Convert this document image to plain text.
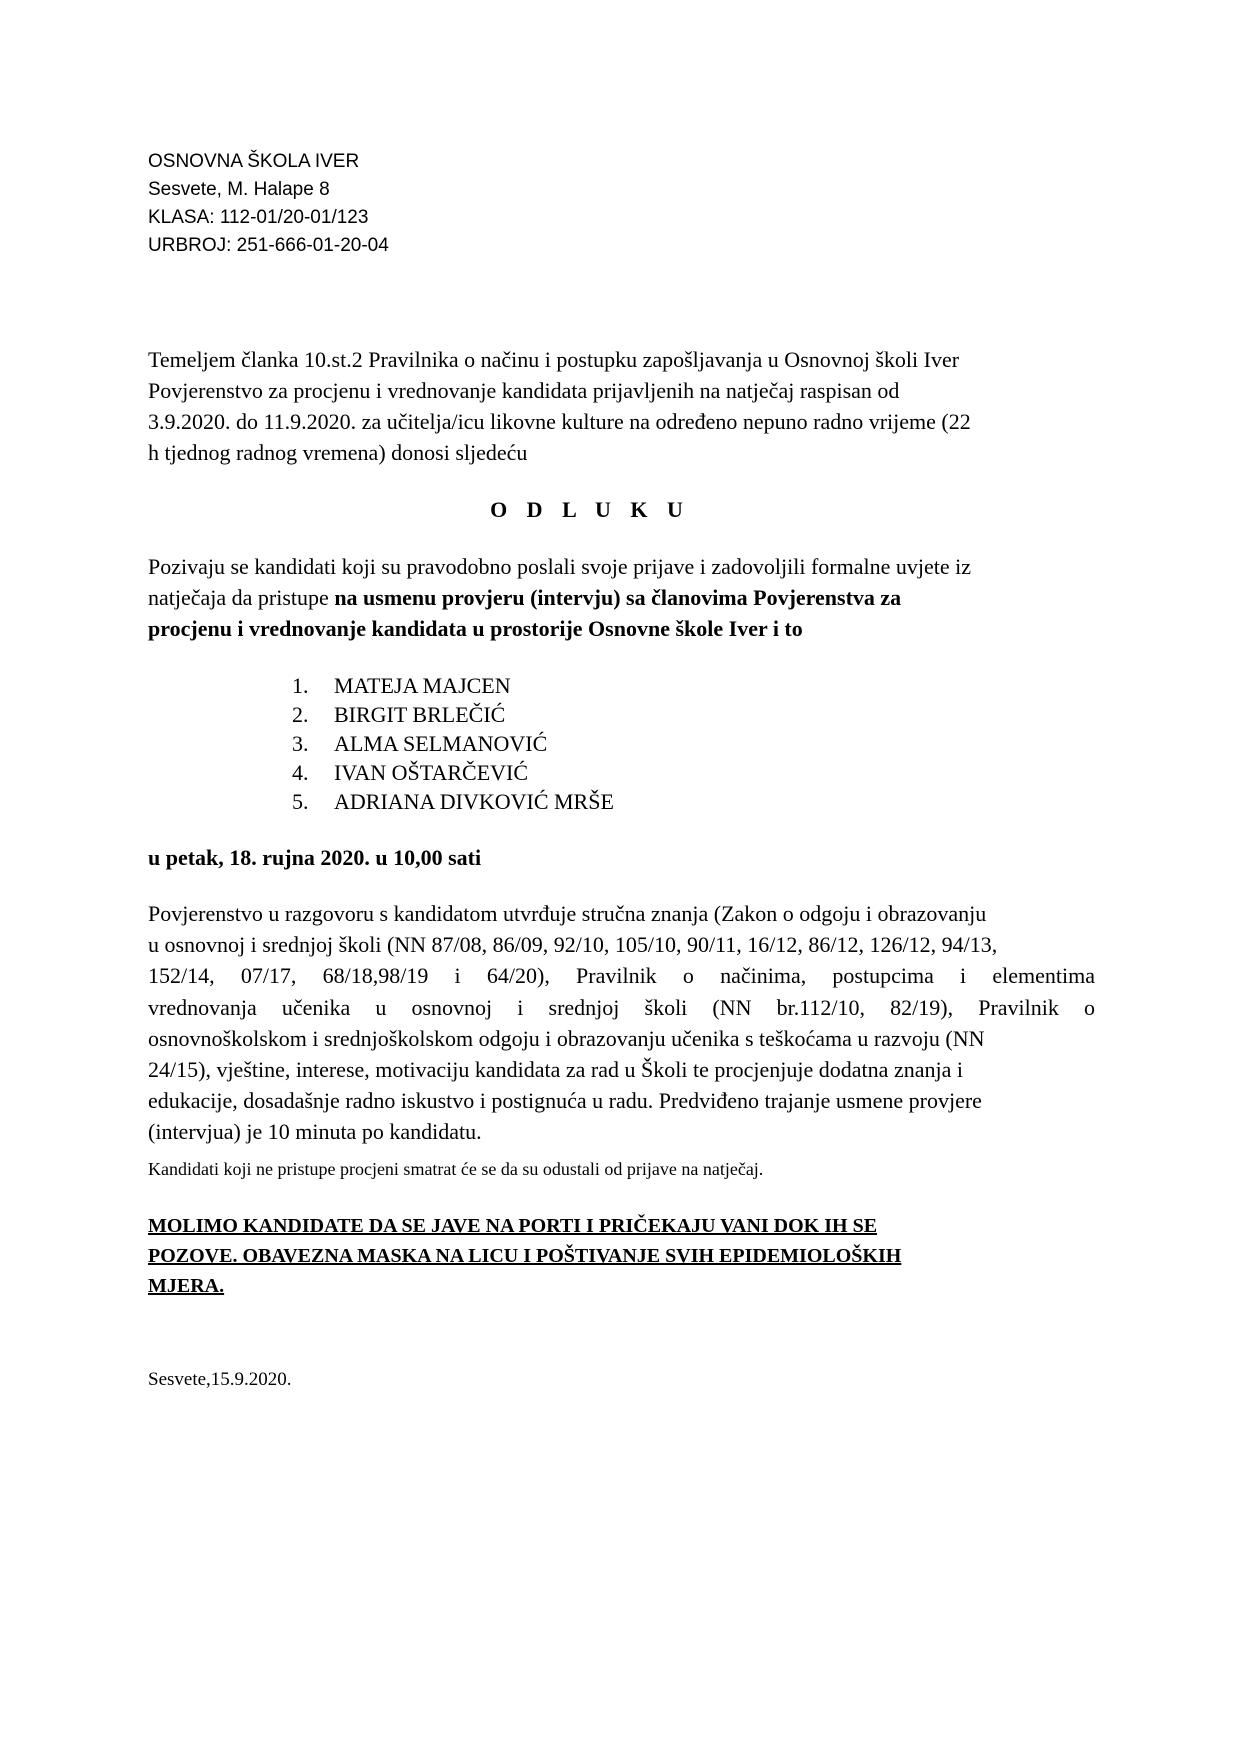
OSNOVNA ŠKOLA IVER
Sesvete, M. Halape 8
KLASA: 112-01/20-01/123
URBROJ: 251-666-01-20-04
Temeljem članka 10.st.2 Pravilnika o načinu i postupku zapošljavanja u Osnovnoj školi Iver
Povjerenstvo za procjenu i vrednovanje kandidata prijavljenih na natječaj raspisan od
3.9.2020. do 11.9.2020. za učitelja/icu likovne kulture na određeno nepuno radno vrijeme (22
h tjednog radnog vremena) donosi sljedeću
O D L U K U
Pozivaju se kandidati koji su pravodobno poslali svoje prijave i zadovoljili formalne uvjete iz
natječaja da pristupe na usmenu provjeru (intervju) sa članovima Povjerenstva za
procjenu i vrednovanje kandidata u prostorije Osnovne škole Iver i to
1. MATEJA MAJCEN
2. BIRGIT BRLEČIĆ
3. ALMA SELMANOVIĆ
4. IVAN OŠTARČEVIĆ
5. ADRIANA DIVKOVIĆ MRŠE
u petak, 18. rujna 2020. u 10,00 sati
Povjerenstvo u razgovoru s kandidatom utvrđuje stručna znanja (Zakon o odgoju i obrazovanju
u osnovnoj i srednjoj školi (NN 87/08, 86/09, 92/10, 105/10, 90/11, 16/12, 86/12, 126/12, 94/13,
152/14, 07/17, 68/18,98/19 i 64/20), Pravilnik o načinima, postupcima i elementima
vrednovanja učenika u osnovnoj i srednjoj školi (NN br.112/10, 82/19), Pravilnik o
osnovnoškolskom i srednjoškolskom odgoju i obrazovanju učenika s teškoćama u razvoju (NN
24/15), vještine, interese, motivaciju kandidata za rad u Školi te procjenjuje dodatna znanja i
edukacije, dosadašnje radno iskustvo i postignuća u radu. Predviđeno trajanje usmene provjere
(intervjua) je 10 minuta po kandidatu.
Kandidati koji ne pristupe procjeni smatrat će se da su odustali od prijave na natječaj.
MOLIMO KANDIDATE DA SE JAVE NA PORTI I PRIČEKAJU VANI DOK IH SE
POZOVE. OBAVEZNA MASKA NA LICU I POŠTIVANJE SVIH EPIDEMIOLOŠKIH
MJERA.
Sesvete,15.9.2020.
